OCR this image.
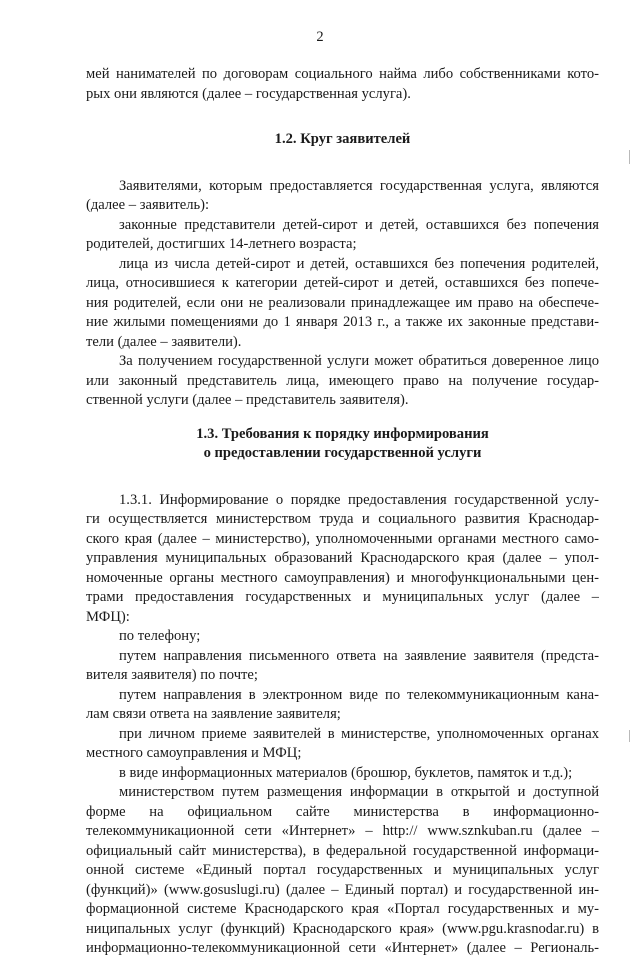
2
мей нанимателей по договорам социального найма либо собственниками кото-
рых они являются (далее – государственная услуга).
1.2. Круг заявителей
Заявителями, которым предоставляется государственная услуга, являются
(далее – заявитель):
законные представители детей-сирот и детей, оставшихся без попечения
родителей, достигших 14-летнего возраста;
лица из числа детей-сирот и детей, оставшихся без попечения родителей,
лица, относившиеся к категории детей-сирот и детей, оставшихся без попече-
ния родителей, если они не реализовали принадлежащее им право на обеспече-
ние жилыми помещениями до 1 января 2013 г., а также их законные представи-
тели (далее – заявители).
За получением государственной услуги может обратиться доверенное лицо
или законный представитель лица, имеющего право на получение государ-
ственной услуги (далее – представитель заявителя).
1.3. Требования к порядку информирования
о предоставлении государственной услуги
1.3.1. Информирование о порядке предоставления государственной услу-
ги осуществляется министерством труда и социального развития Краснодар-
ского края (далее – министерство), уполномоченными органами местного само-
управления муниципальных образований Краснодарского края (далее – упол-
номоченные органы местного самоуправления) и многофункциональными цен-
трами предоставления государственных и муниципальных услуг (далее –
МФЦ):
по телефону;
путем направления письменного ответа на заявление заявителя (предста-
вителя заявителя) по почте;
путем направления в электронном виде по телекоммуникационным кана-
лам связи ответа на заявление заявителя;
при личном приеме заявителей в министерстве, уполномоченных органах
местного самоуправления и МФЦ;
в виде информационных материалов (брошюр, буклетов, памяток и т.д.);
министерством путем размещения информации в открытой и доступной
форме на официальном сайте министерства в информационно-
телекоммуникационной сети «Интернет» – http:// www.sznkuban.ru (далее –
официальный сайт министерства), в федеральной государственной информаци-
онной системе «Единый портал государственных и муниципальных услуг
(функций)» (www.gosuslugi.ru) (далее – Единый портал) и государственной ин-
формационной системе Краснодарского края «Портал государственных и му-
ниципальных услуг (функций) Краснодарского края» (www.pgu.krasnodar.ru) в
информационно-телекоммуникационной сети «Интернет» (далее – Региональ-
